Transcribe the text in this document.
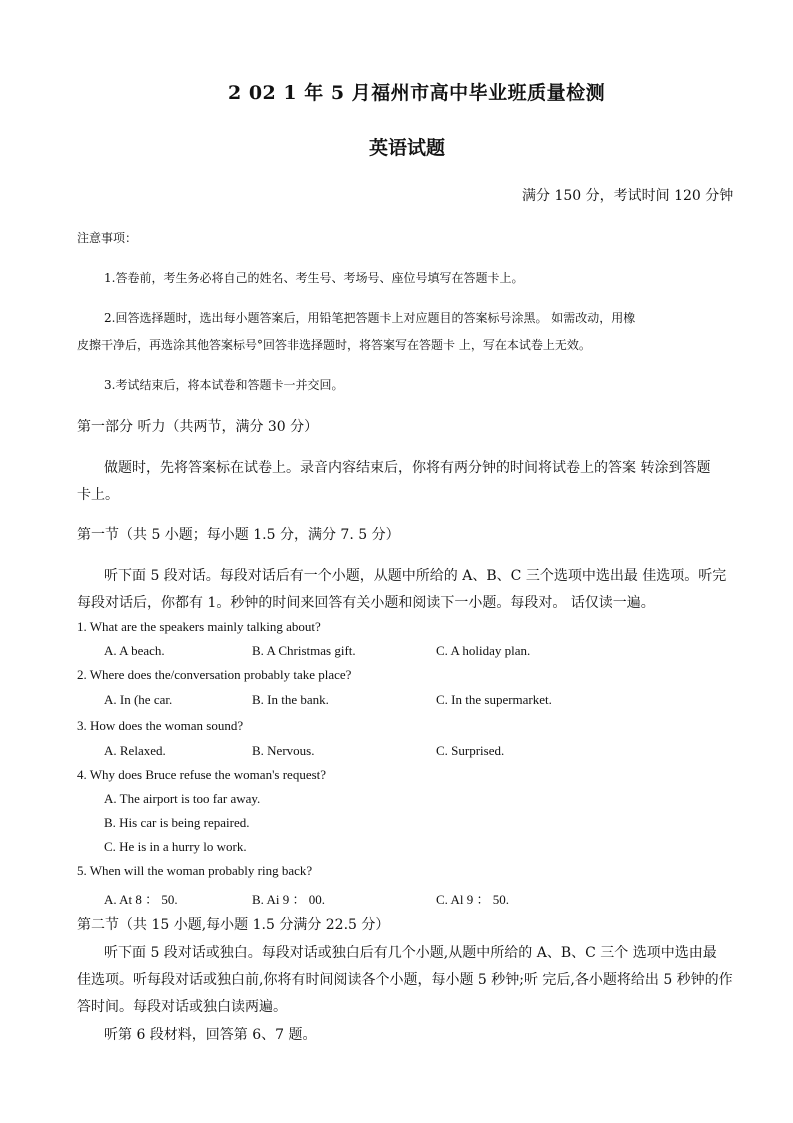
2 02 1 年 5 月福州市高中毕业班质量检测
英语试题
满分 150 分，考试时间 120 分钟
注意事项：
1.答卷前，考生务必将自己的姓名、考生号、考场号、座位号填写在答题卡上。
2.回答选择题时，选出每小题答案后，用铅笔把答题卡上对应题目的答案标号涂黑。 如需改动，用橡
皮擦干净后，再选涂其他答案标号°回答非选择题时，将答案写在答题卡 上，写在本试卷上无效。
3.考试结束后，将本试卷和答题卡一并交回。
第一部分 听力（共两节，满分 30 分）
做题时，先将答案标在试卷上。录音内容结束后，你将有两分钟的时间将试卷上的答案 转涂到答题
卡上。
第一节（共 5 小题；每小题 1.5 分，满分 7. 5 分）
听下面 5 段对话。每段对话后有一个小题，从题中所给的 A、B、C 三个选项中选出最 佳选项。听完
每段对话后，你都有 1。秒钟的时间来回答有关小题和阅读下一小题。每段对。 话仅读一遍。
1. What are the speakers mainly talking about?
A. A beach.	B. A Christmas gift.	C. A holiday plan.
2. Where does the/conversation probably take place?
A. In (he car.	B. In the bank.	C. In the supermarket.
3. How does the woman sound?
A. Relaxed.	B. Nervous.	C. Surprised.
4. Why does Bruce refuse the woman's request?
A. The airport is too far away.
B. His car is being repaired.
C. He is in a hurry lo work.
5. When will the woman probably ring back?
A. At 8 ： 50.	B. Ai 9 ： 00.	C. Al 9 ： 50.
第二节（共 15 小题,每小题 1.5 分满分 22.5 分）
听下面 5 段对话或独白。每段对话或独白后有几个小题,从题中所给的 A、B、C 三个 选项中选由最
佳选项。听每段对话或独白前,你将有时间阅读各个小题，每小题 5 秒钟;听 完后,各小题将给出 5 秒钟的作
答时间。每段对话或独白读两遍。
听第 6 段材料，回答第 6、7 题。
